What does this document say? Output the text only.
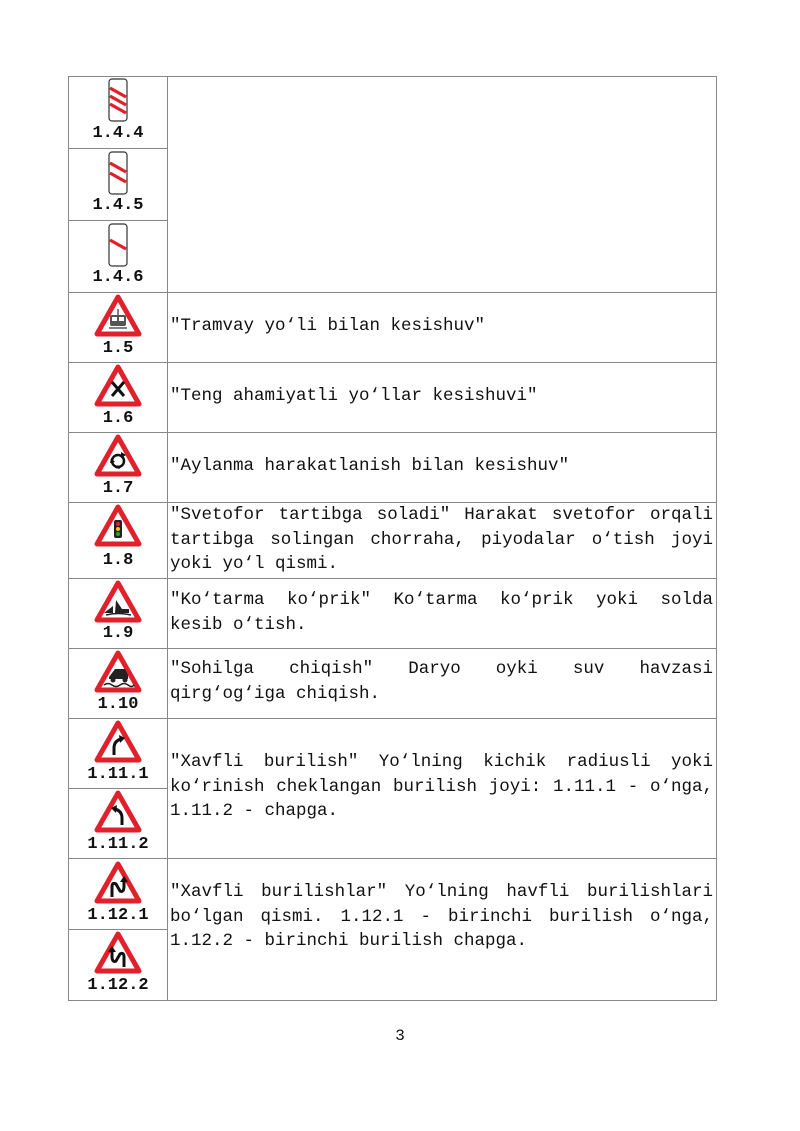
1.4.4
1.4.5
1.4.6
1.5
"Tramvay yo‘li bilan kesishuv"
1.6
"Teng ahamiyatli yo‘llar kesishuvi"
1.7
"Aylanma harakatlanish bilan kesishuv"
1.8
"Svetofor tartibga soladi" Harakat svetofor orqali tartibga solingan chorraha, piyodalar o‘tish joyi yoki yo‘l qismi.
1.9
"Ko‘tarma ko‘prik" Ko‘tarma ko‘prik yoki solda kesib o‘tish.
1.10
"Sohilga chiqish" Daryo oyki suv havzasi qirg‘og‘iga chiqish.
1.11.1
"Xavfli burilish" Yo‘lning kichik radiusli yoki ko‘rinish cheklangan burilish joyi: 1.11.1 - o‘nga, 1.11.2 - chapga.
1.11.2
1.12.1
"Xavfli burilishlar" Yo‘lning havfli burilishlari bo‘lgan qismi. 1.12.1 - birinchi burilish o‘nga, 1.12.2 - birinchi burilish chapga.
1.12.2
3
